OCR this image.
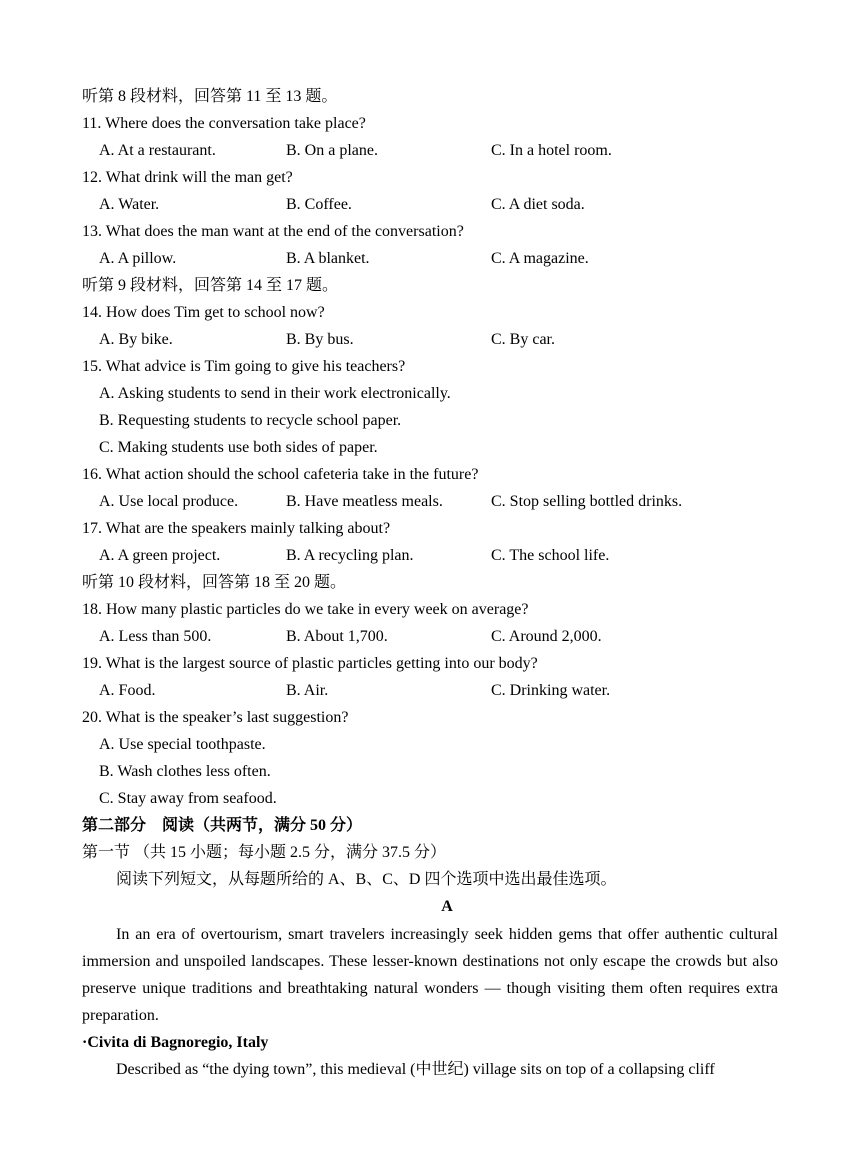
听第 8 段材料，回答第 11 至 13 题。
11. Where does the conversation take place?
A. At a restaurant.	B. On a plane.	C. In a hotel room.
12. What drink will the man get?
A. Water.	B. Coffee.	C. A diet soda.
13. What does the man want at the end of the conversation?
A. A pillow.	B. A blanket.	C. A magazine.
听第 9 段材料，回答第 14 至 17 题。
14. How does Tim get to school now?
A. By bike.	B. By bus.	C. By car.
15. What advice is Tim going to give his teachers?
A. Asking students to send in their work electronically.
B. Requesting students to recycle school paper.
C. Making students use both sides of paper.
16. What action should the school cafeteria take in the future?
A. Use local produce.	B. Have meatless meals.	C. Stop selling bottled drinks.
17. What are the speakers mainly talking about?
A. A green project.	B. A recycling plan.	C. The school life.
听第 10 段材料，回答第 18 至 20 题。
18. How many plastic particles do we take in every week on average?
A. Less than 500.	B. About 1,700.	C. Around 2,000.
19. What is the largest source of plastic particles getting into our body?
A. Food.	B. Air.	C. Drinking water.
20. What is the speaker’s last suggestion?
A. Use special toothpaste.
B. Wash clothes less often.
C. Stay away from seafood.
第二部分　阅读（共两节，满分 50 分）
第一节 （共 15 小题；每小题 2.5 分，满分 37.5 分）
阅读下列短文，从每题所给的 A、B、C、D 四个选项中选出最佳选项。
A
In an era of overtourism, smart travelers increasingly seek hidden gems that offer authentic cultural immersion and unspoiled landscapes. These lesser-known destinations not only escape the crowds but also preserve unique traditions and breathtaking natural wonders — though visiting them often requires extra preparation.
·Civita di Bagnoregio, Italy
Described as “the dying town”, this medieval (中世纪) village sits on top of a collapsing cliff
